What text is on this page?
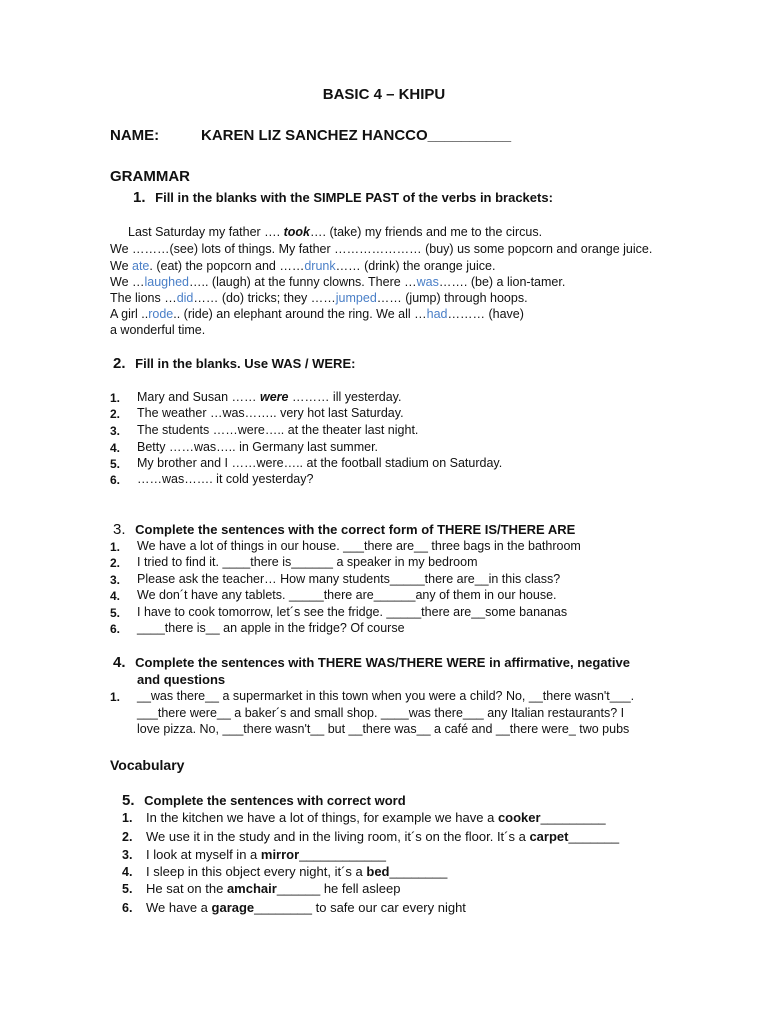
BASIC 4 – KHIPU
NAME:	KAREN LIZ SANCHEZ HANCCO__________
GRAMMAR
1. Fill in the blanks with the SIMPLE PAST of the verbs in brackets:
Last Saturday my father …. took…. (take) my friends and me to the circus.
We ………(see) lots of things. My father ………………… (buy) us some popcorn and orange juice.
We ate. (eat) the popcorn and ……drunk…… (drink) the orange juice.
We …laughed….. (laugh) at the funny clowns. There …was……. (be) a lion-tamer.
The lions …did…… (do) tricks; they ……jumped…… (jump) through hoops.
A girl ..rode.. (ride) an elephant around the ring. We all …had……… (have)
a wonderful time.
2. Fill in the blanks. Use WAS / WERE:
1.	Mary and Susan …… were ……… ill yesterday.
2.	The weather …was…….. very hot last Saturday.
3.	The students ……were….. at the theater last night.
4.	Betty ……was….. in Germany last summer.
5.	My brother and I ……were….. at the football stadium on Saturday.
6.	……was……. it cold yesterday?
3. Complete the sentences with the correct form of THERE IS/THERE ARE
1.	We have a lot of things in our house. ___there are__ three bags in the bathroom
2.	I tried to find it. ____there is______ a speaker in my bedroom
3.	Please ask the teacher… How many students_____there are__in this class?
4.	We don´t have any tablets. _____there are______any of them in our house.
5.	I have to cook tomorrow, let´s see the fridge. _____there are__some bananas
6.	____there is__ an apple in the fridge? Of course
4. Complete the sentences with THERE WAS/THERE WERE in affirmative, negative
and questions
1.	__was there__ a supermarket in this town when you were a child? No, __there wasn't___.
___there were__ a baker´s and small shop. ____was there___ any Italian restaurants? I
love pizza. No, ___there wasn't__ but __there was__ a café and __there were_ two pubs
Vocabulary
5. Complete the sentences with correct word
1.	In the kitchen we have a lot of things, for example we have a cooker_________
2.	We use it in the study and in the living room, it´s on the floor. It´s a carpet_______
3.	I look at myself in a mirror____________
4.	I sleep in this object every night, it´s a bed________
5.	He sat on the amchair______ he fell asleep
6.	We have a garage________ to safe our car every night
